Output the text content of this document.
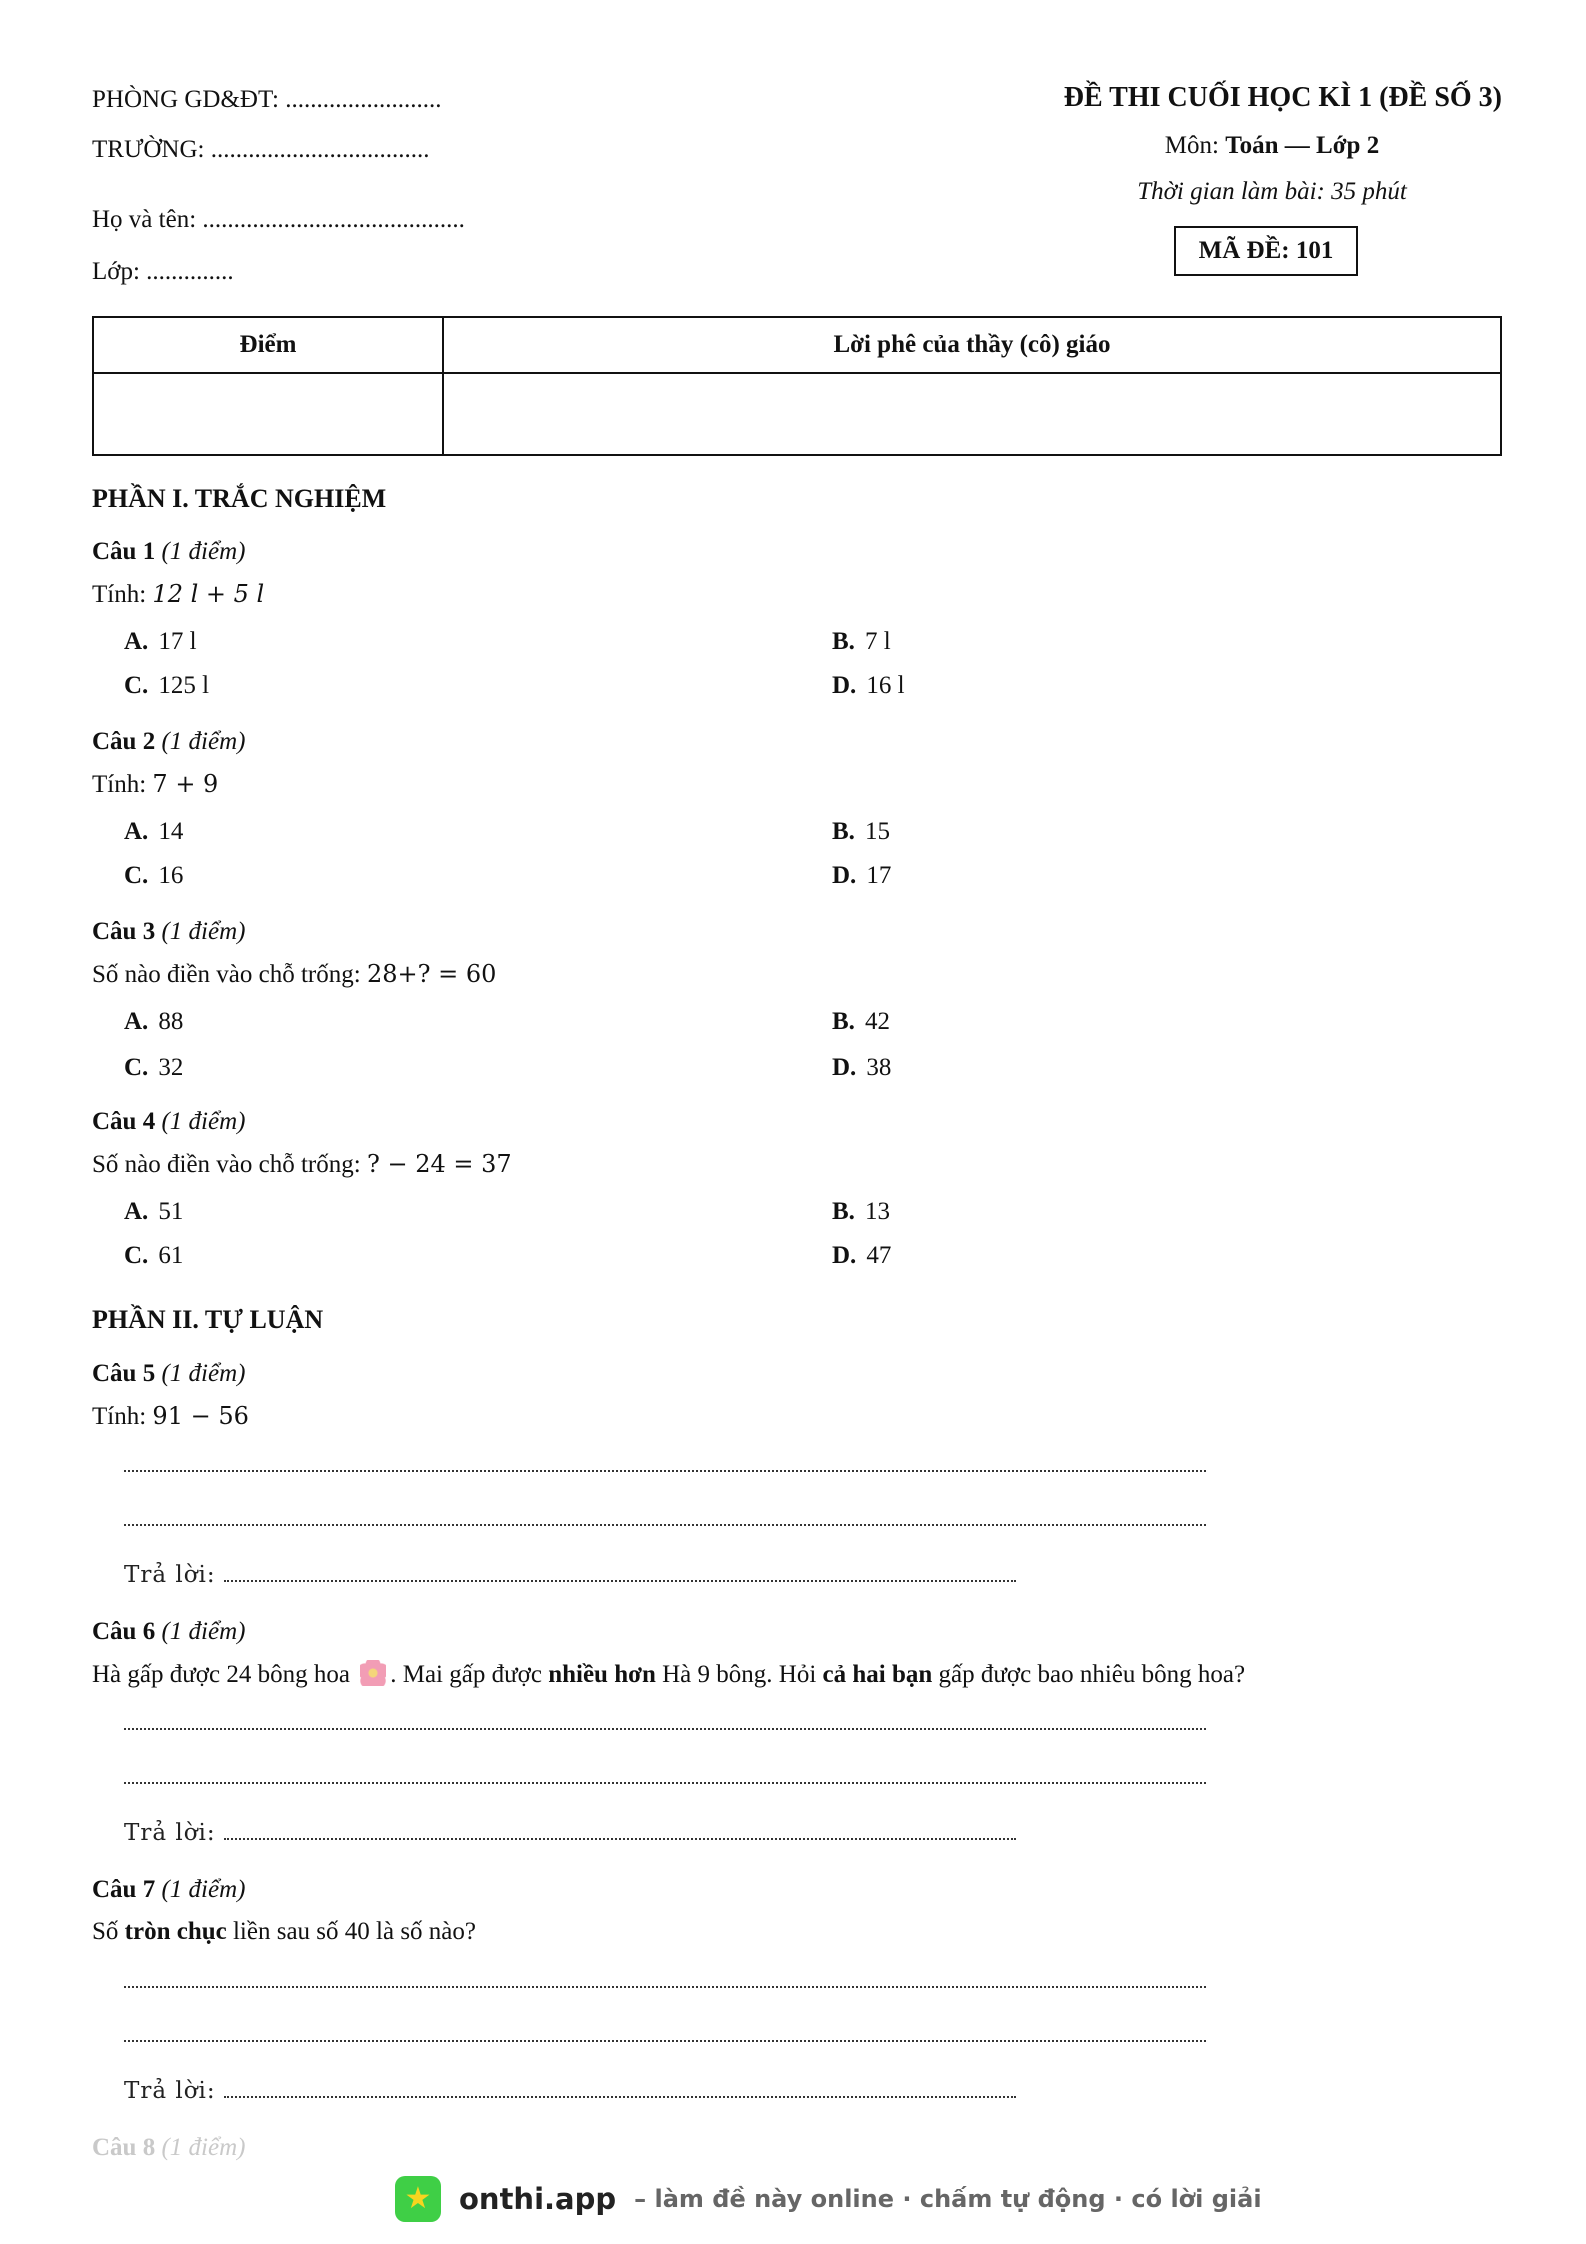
PHÒNG GD&ĐT: .........................
TRƯỜNG: ...................................
Họ và tên: ..........................................
Lớp: ..............
ĐỀ THI CUỐI HỌC KÌ 1 (ĐỀ SỐ 3)
Môn: Toán — Lớp 2
Thời gian làm bài: 35 phút
MÃ ĐỀ: 101
Điểm	Lời phê của thầy (cô) giáo

PHẦN I. TRẮC NGHIỆM
Câu 1 (1 điểm)
Tính: 12 l + 5 l
A. 17 l	B. 7 l
C. 125 l	D. 16 l
Câu 2 (1 điểm)
Tính: 7 + 9
A. 14	B. 15
C. 16	D. 17
Câu 3 (1 điểm)
Số nào điền vào chỗ trống: 28+? = 60
A. 88	B. 42
C. 32	D. 38
Câu 4 (1 điểm)
Số nào điền vào chỗ trống: ? − 24 = 37
A. 51	B. 13
C. 61	D. 47
PHẦN II. TỰ LUẬN
Câu 5 (1 điểm)
Tính: 91 − 56
Trả lời:
Câu 6 (1 điểm)
Hà gấp được 24 bông hoa . Mai gấp được nhiều hơn Hà 9 bông. Hỏi cả hai bạn gấp được bao nhiêu bông hoa?
Trả lời:
Câu 7 (1 điểm)
Số tròn chục liền sau số 40 là số nào?
Trả lời:
Câu 8 (1 điểm)
★ onthi.app – làm đề này online · chấm tự động · có lời giải
